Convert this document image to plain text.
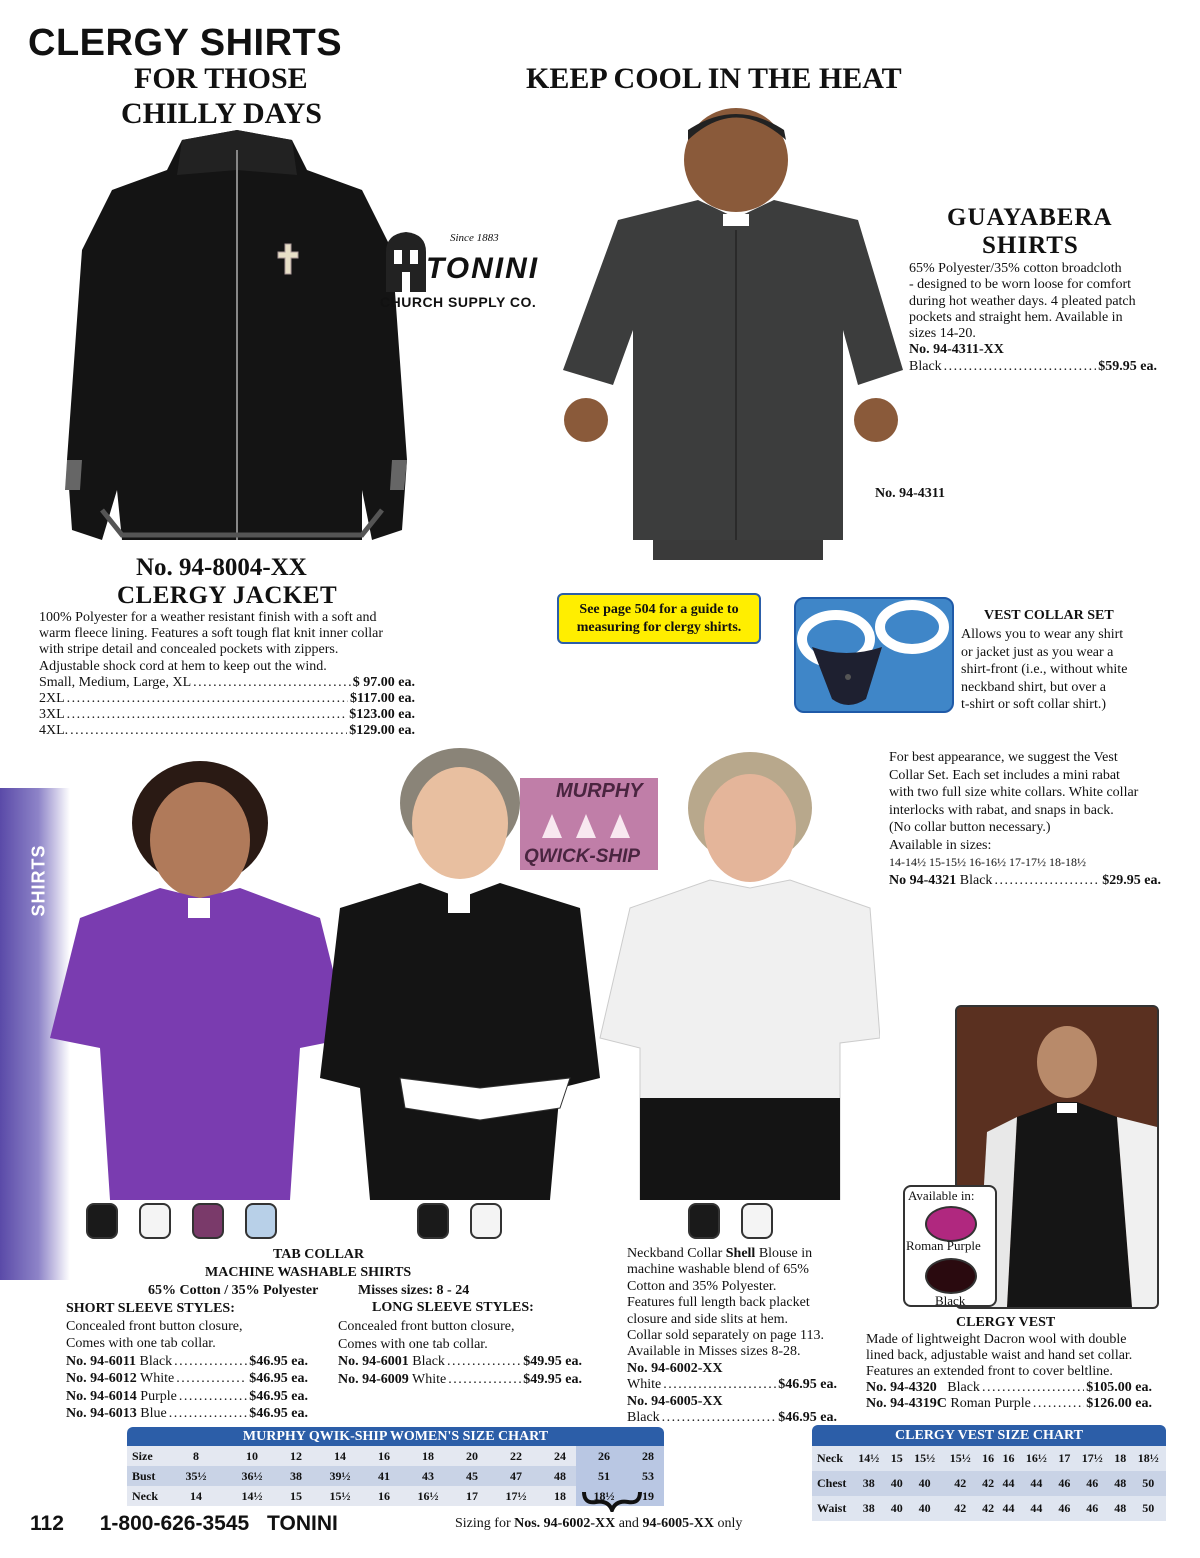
CLERGY SHIRTS
FOR THOSE
CHILLY DAYS
KEEP COOL IN THE HEAT
Since 1883
TONINI
CHURCH SUPPLY CO.
No. 94-4311
GUAYABERA
SHIRTS
65% Polyester/35% cotton broadcloth
- designed to be worn loose for comfort
during hot weather days. 4 pleated patch
pockets and straight hem. Available in
sizes 14-20.
No. 94-4311-XX
Black . . .	$59.95 ea.
No. 94-8004-XX
CLERGY JACKET
100% Polyester for a weather resistant finish with a soft and
warm fleece lining. Features a soft tough flat knit inner collar
with stripe detail and concealed pockets with zippers.
Adjustable shock cord at hem to keep out the wind.
Small, Medium, Large, XL . . .	$ 97.00 ea.
2XL . . .	$117.00 ea.
3XL . . .	$123.00 ea.
4XL. . . .	$129.00 ea.
See page 504 for a guide to
measuring for clergy shirts.
VEST COLLAR SET
Allows you to wear any shirt
or jacket just as you wear a
shirt-front (i.e., without white
neckband shirt, but over a
t-shirt or soft collar shirt.)
For best appearance, we suggest the Vest
Collar Set. Each set includes a mini rabat
with two full size white collars. White collar
interlocks with rabat, and snaps in back.
(No collar button necessary.)
Available in sizes:
14-14½ 15-15½ 16-16½ 17-17½ 18-18½
No 94-4321 Black . . .	$29.95 ea.
SHIRTS
MURPHY
QWICK-SHIP
Available in:
Roman Purple
Black
TAB COLLAR
MACHINE WASHABLE SHIRTS
65% Cotton / 35% Polyester	Misses sizes: 8 - 24
SHORT SLEEVE STYLES:
Concealed front button closure,
Comes with one tab collar.
No. 94-6011 Black . . .	$46.95 ea.
No. 94-6012 White . . .	$46.95 ea.
No. 94-6014 Purple . . .	$46.95 ea.
No. 94-6013 Blue . . .	$46.95 ea.
LONG SLEEVE STYLES:
Concealed front button closure,
Comes with one tab collar.
No. 94-6001 Black . . .	$49.95 ea.
No. 94-6009 White . . .	$49.95 ea.
Neckband Collar Shell Blouse in
machine washable blend of 65%
Cotton and 35% Polyester.
Features full length back placket
closure and side slits at hem.
Collar sold separately on page 113.
Available in Misses sizes 8-28.
No. 94-6002-XX
White . . .	$46.95 ea.
No. 94-6005-XX
Black . . .	$46.95 ea.
CLERGY VEST
Made of lightweight Dacron wool with double
lined back, adjustable waist and hand set collar.
Features an extended front to cover beltline.
No. 94-4320 Black . . .	$105.00 ea.
No. 94-4319C Roman Purple . . .	$126.00 ea.
MURPHY QWIK-SHIP WOMEN'S SIZE CHART
Size	8	10	12	14	16	18	20	22	24	26	28
Bust	35½	36½	38	39½	41	43	45	47	48	51	53
Neck	14	14½	15	15½	16	16½	17	17½	18	18½	19
Sizing for Nos. 94-6002-XX and 94-6005-XX only
CLERGY VEST SIZE CHART
Neck	14½	15	15½	15½	16	16	16½	17	17½	18	18½
Chest	38	40	40	42	42	44	44	46	46	48	50
Waist	38	40	40	42	42	44	44	46	46	48	50
112 1-800-626-3545 TONINI
